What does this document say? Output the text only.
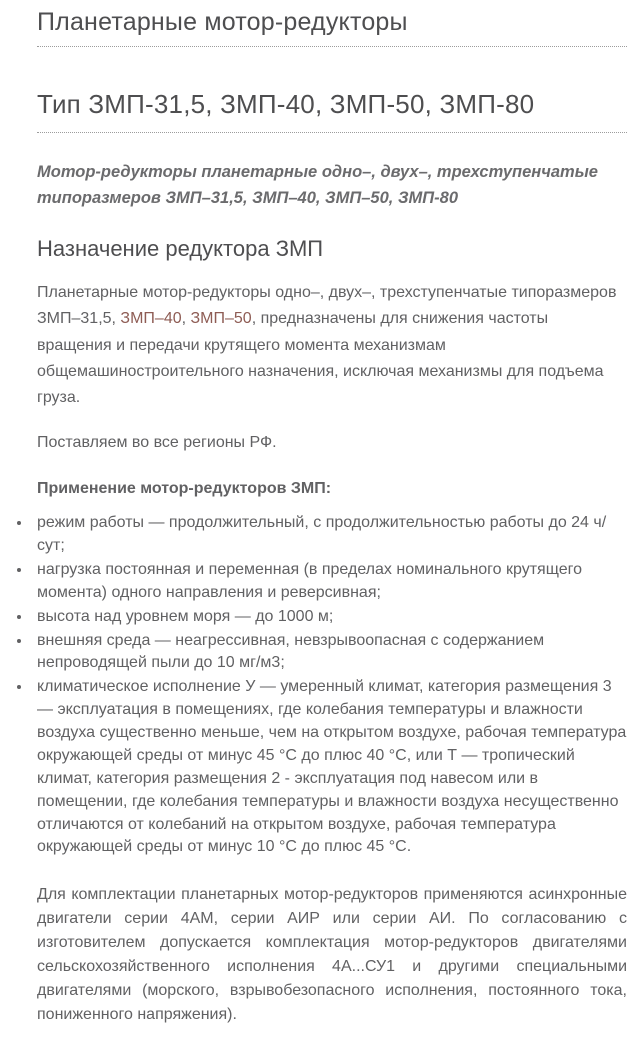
Планетарные мотор-редукторы
Тип ЗМП-31,5, ЗМП-40, ЗМП-50, ЗМП-80

Мотор-редукторы планетарные одно–, двух–, трехступенчатые типоразмеров ЗМП–31,5, ЗМП–40, ЗМП–50, ЗМП-80

Назначение редуктора ЗМП

Планетарные мотор-редукторы одно–, двух–, трехступенчатые типоразмеров ЗМП–31,5, ЗМП–40, ЗМП–50, предназначены для снижения частоты вращения и передачи крутящего момента механизмам общемашиностроительного назначения, исключая механизмы для подъема груза.

Поставляем во все регионы РФ.

Применение мотор-редукторов ЗМП:

режим работы — продолжительный, с продолжительностью работы до 24 ч/сут;
нагрузка постоянная и переменная (в пределах номинального крутящего момента) одного направления и реверсивная;
высота над уровнем моря — до 1000 м;
внешняя среда — неагрессивная, невзрывоопасная с содержанием непроводящей пыли до 10 мг/м3;
климатическое исполнение У — умеренный климат, категория размещения 3 — эксплуатация в помещениях, где колебания температуры и влажности воздуха существенно меньше, чем на открытом воздухе, рабочая температура окружающей среды от минус 45 °C до плюс 40 °C, или Т — тропический климат, категория размещения 2 - эксплуатация под навесом или в помещении, где колебания температуры и влажности воздуха несущественно отличаются от колебаний на открытом воздухе, рабочая температура окружающей среды от минус 10 °C до плюс 45 °C.

Для комплектации планетарных мотор-редукторов применяются асинхронные двигатели серии 4АМ, серии АИР или серии АИ. По согласованию с изготовителем допускается комплектация мотор-редукторов двигателями сельскохозяйственного исполнения 4А...СУ1 и другими специальными двигателями (морского, взрывобезопасного исполнения, постоянного тока, пониженного напряжения).
